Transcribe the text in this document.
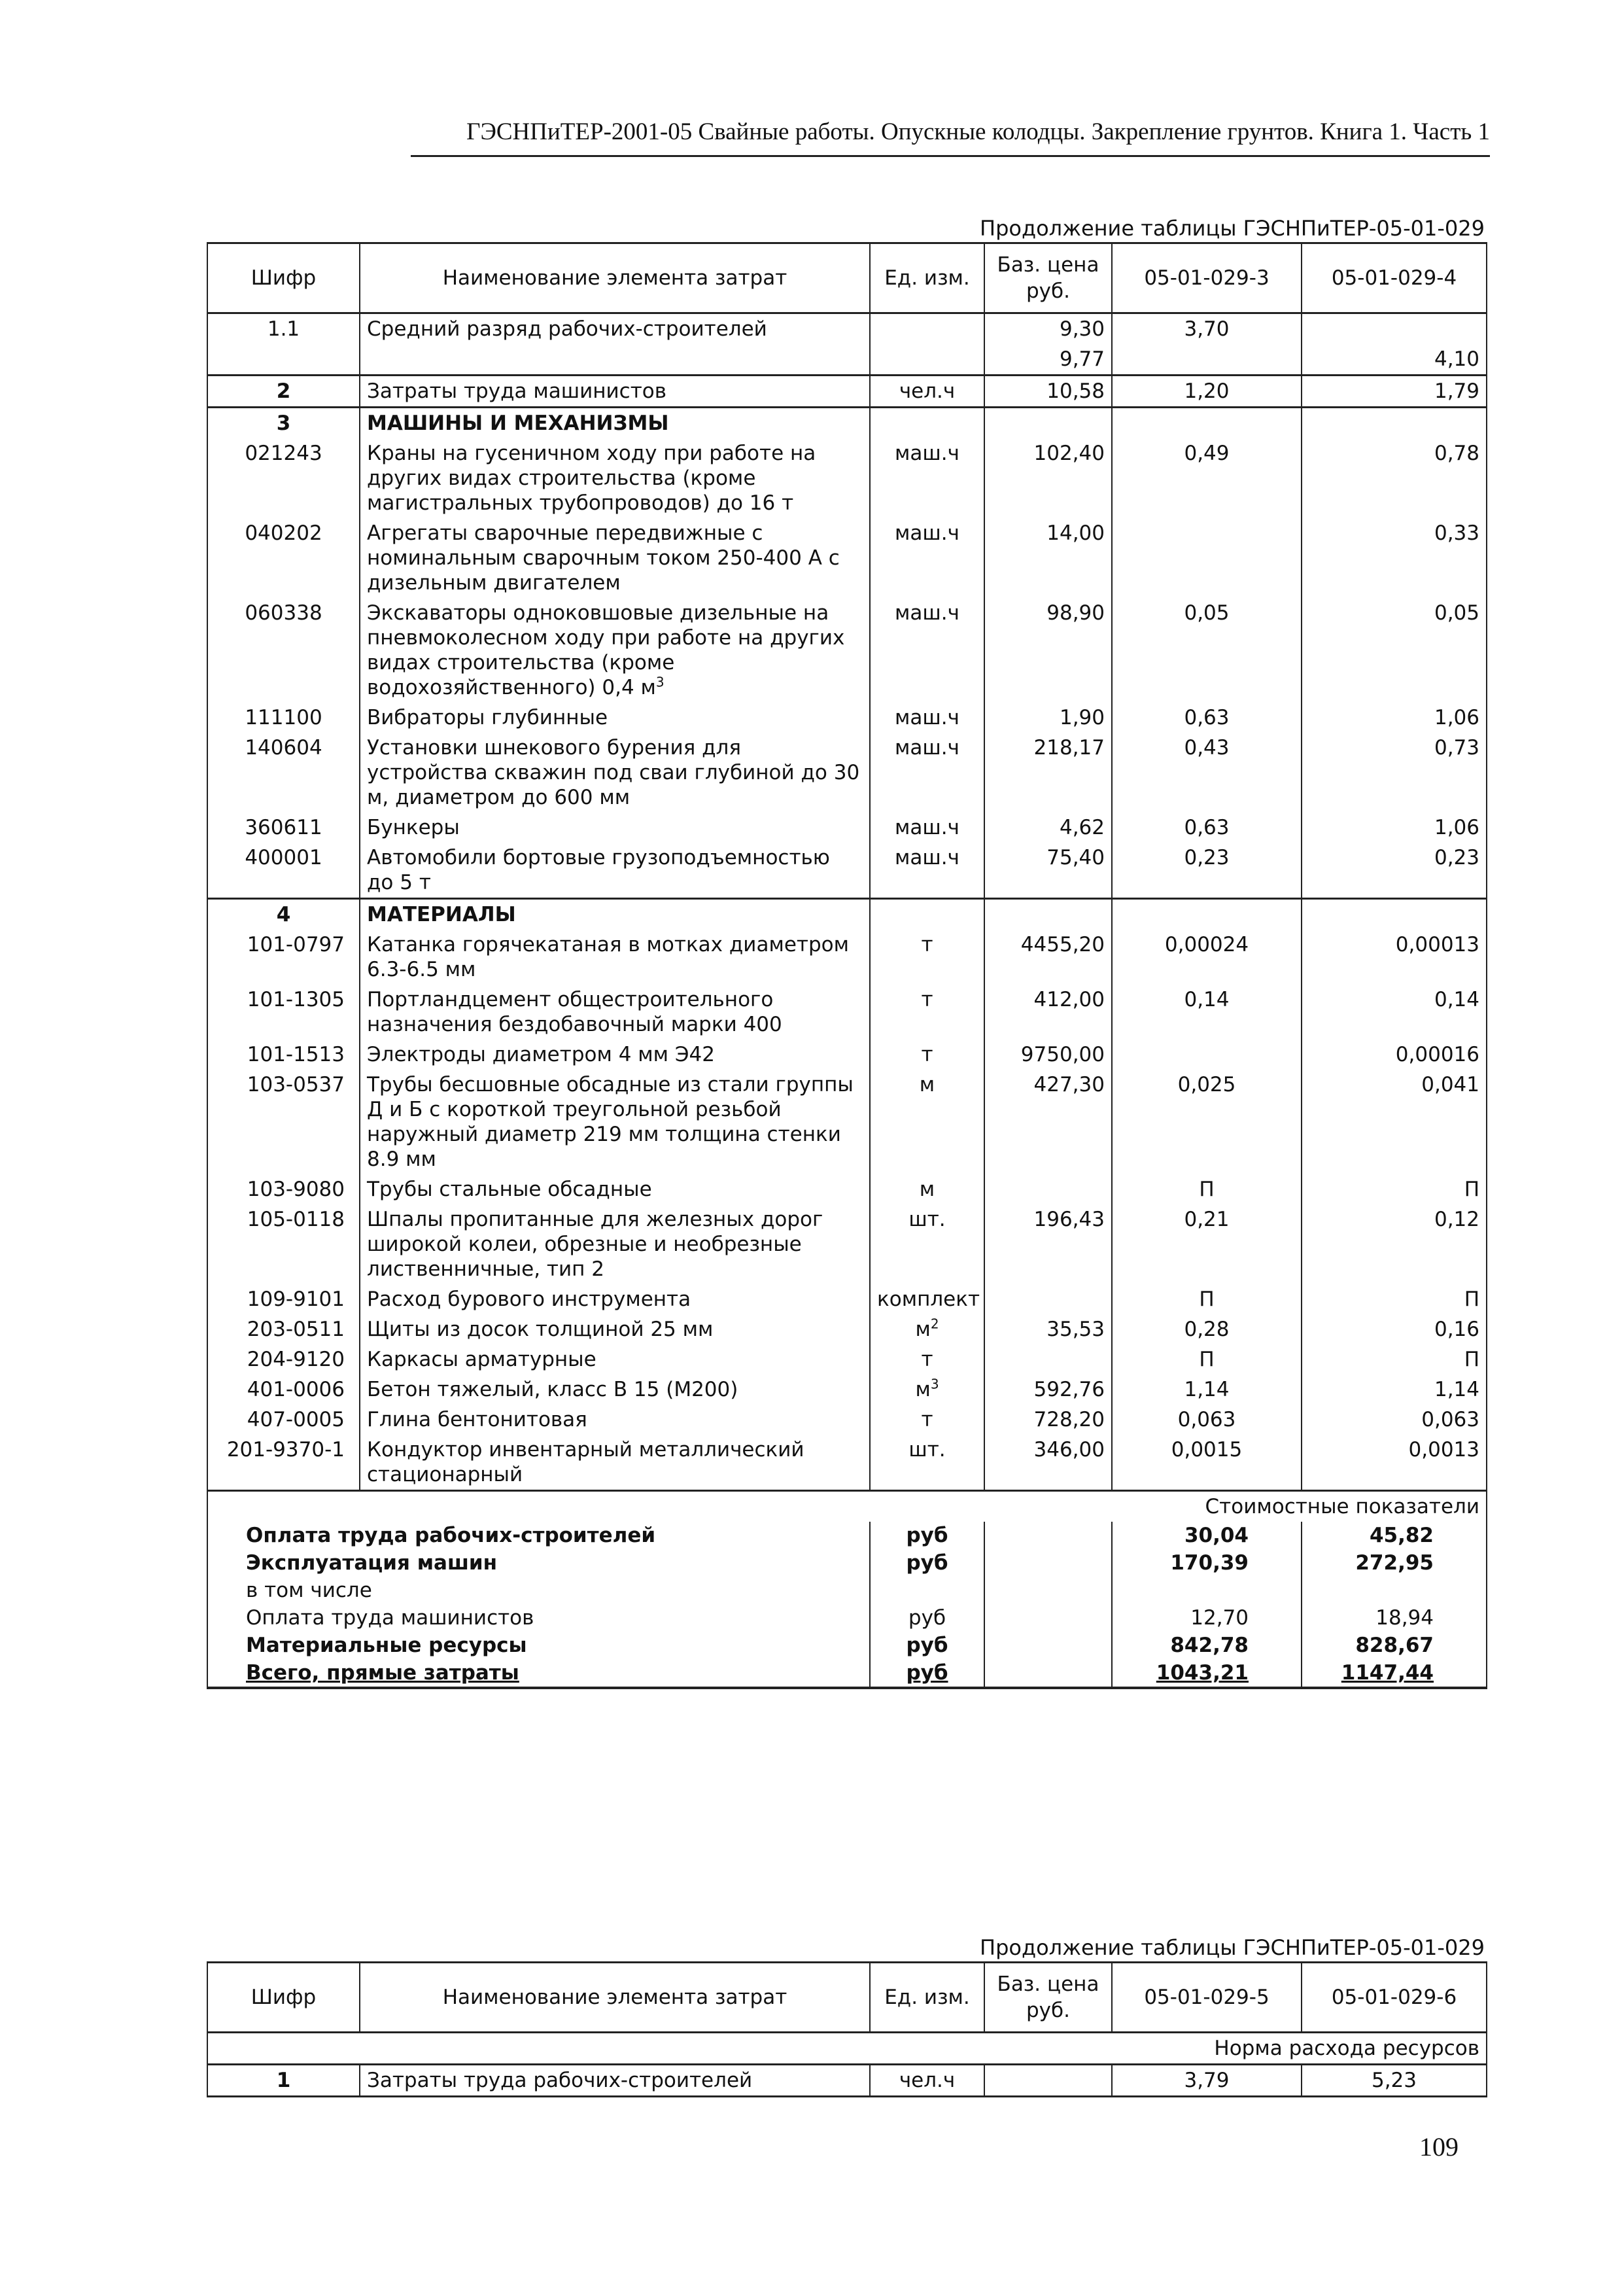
ГЭСНПиТЕР-2001-05 Свайные работы. Опускные колодцы. Закрепление грунтов. Книга 1. Часть 1
Продолжение таблицы ГЭСНПиТЕР-05-01-029
Шифр	Наименование элемента затрат	Ед. изм.	Баз. цена руб.	05-01-029-3	05-01-029-4
1.1	Средний разряд рабочих-строителей		9,30	3,70	
			9,77		4,10
2	Затраты труда машинистов	чел.ч	10,58	1,20	1,79
3	МАШИНЫ И МЕХАНИЗМЫ				
021243	Краны на гусеничном ходу при работе на других видах строительства (кроме магистральных трубопроводов) до 16 т	маш.ч	102,40	0,49	0,78
040202	Агрегаты сварочные передвижные с номинальным сварочным током 250-400 А с дизельным двигателем	маш.ч	14,00		0,33
060338	Экскаваторы одноковшовые дизельные на пневмоколесном ходу при работе на других видах строительства (кроме водохозяйственного) 0,4 $м^3$	маш.ч	98,90	0,05	0,05
111100	Вибраторы глубинные	маш.ч	1,90	0,63	1,06
140604	Установки шнекового бурения для устройства скважин под сваи глубиной до 30 м, диаметром до 600 мм	маш.ч	218,17	0,43	0,73
360611	Бункеры	маш.ч	4,62	0,63	1,06
400001	Автомобили бортовые грузоподъемностью до 5 т	маш.ч	75,40	0,23	0,23
4	МАТЕРИАЛЫ				
101-0797	Катанка горячекатаная в мотках диаметром 6.3-6.5 мм	т	4455,20	0,00024	0,00013
101-1305	Портландцемент общестроительного назначения бездобавочный марки 400	т	412,00	0,14	0,14
101-1513	Электроды диаметром 4 мм Э42	т	9750,00		0,00016
103-0537	Трубы бесшовные обсадные из стали группы Д и Б с короткой треугольной резьбой наружный диаметр 219 мм толщина стенки 8.9 мм	м	427,30	0,025	0,041
103-9080	Трубы стальные обсадные	м		П	П
105-0118	Шпалы пропитанные для железных дорог широкой колеи, обрезные и необрезные лиственничные, тип 2	шт.	196,43	0,21	0,12
109-9101	Расход бурового инструмента	комплект		П	П
203-0511	Щиты из досок толщиной 25 мм	$м^2$	35,53	0,28	0,16
204-9120	Каркасы арматурные	т		П	П
401-0006	Бетон тяжелый, класс В 15 (М200)	$м^3$	592,76	1,14	1,14
407-0005	Глина бентонитовая	т	728,20	0,063	0,063
201-9370-1	Кондуктор инвентарный металлический стационарный	шт.	346,00	0,0015	0,0013
Стоимостные показатели					
Оплата труда рабочих-строителей		руб		30,04	45,82
Эксплуатация машин		руб		170,39	272,95
в том числе					
Оплата труда машинистов		руб		12,70	18,94
Материальные ресурсы		руб		842,78	828,67
Всего, прямые затраты		руб		1043,21	1147,44
Продолжение таблицы ГЭСНПиТЕР-05-01-029
Шифр	Наименование элемента затрат	Ед. изм.	Баз. цена руб.	05-01-029-5	05-01-029-6
Норма расхода ресурсов					
1	Затраты труда рабочих-строителей	чел.ч		3,79	5,23
109
